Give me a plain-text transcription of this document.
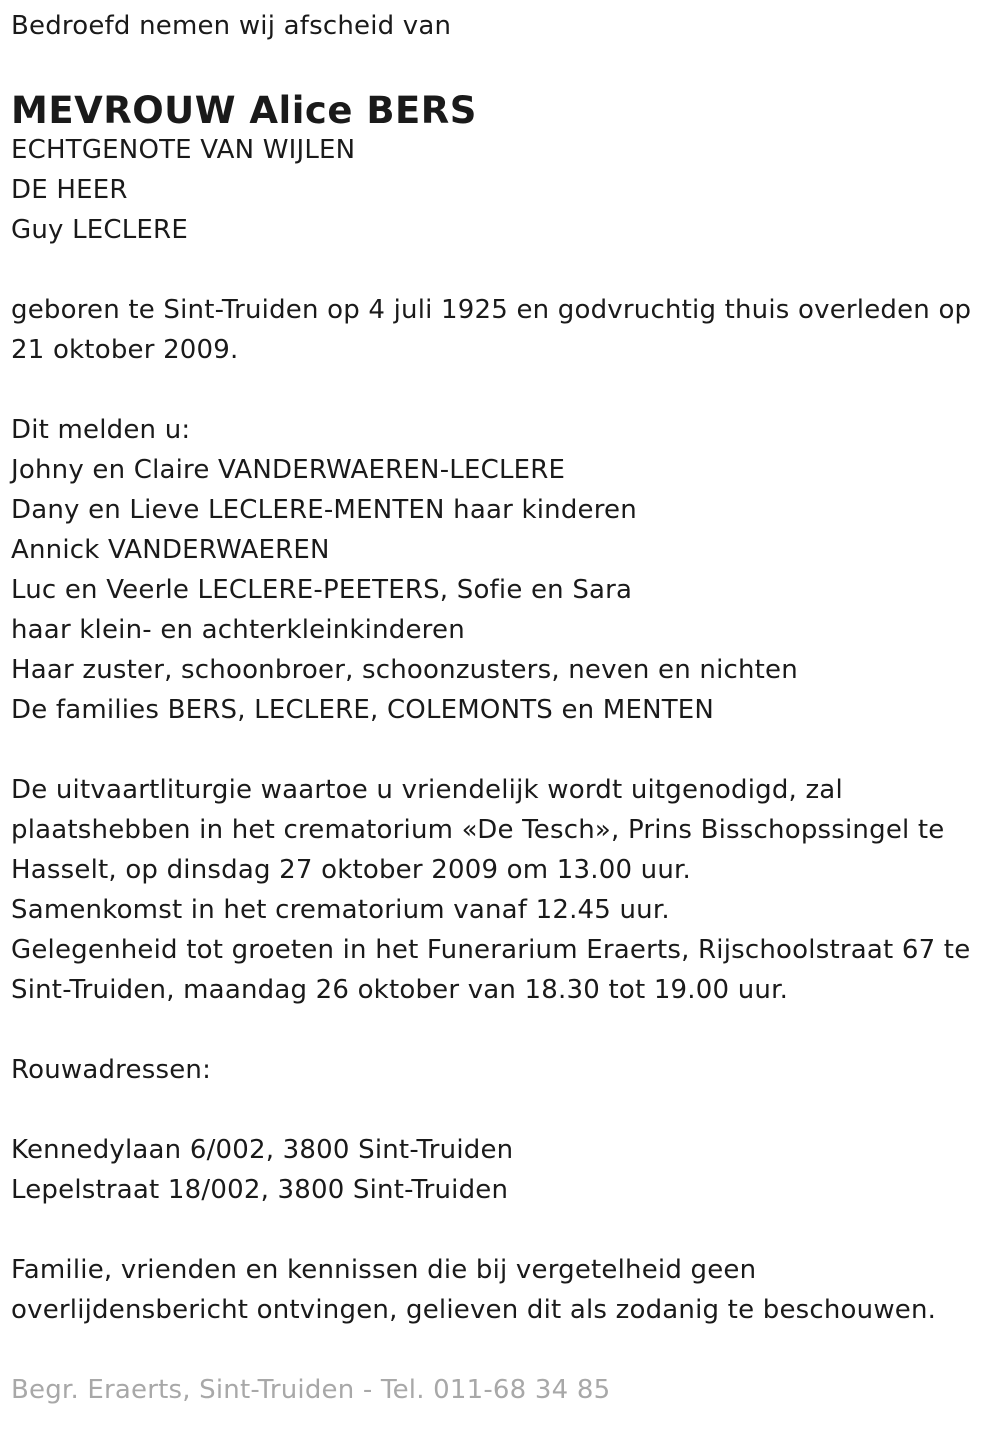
Bedroefd nemen wij afscheid van
MEVROUW Alice BERS
ECHTGENOTE VAN WIJLEN
DE HEER
Guy LECLERE
geboren te Sint-Truiden op 4 juli 1925 en godvruchtig thuis overleden op
21 oktober 2009.
Dit melden u:
Johny en Claire VANDERWAEREN-LECLERE
Dany en Lieve LECLERE-MENTEN haar kinderen
Annick VANDERWAEREN
Luc en Veerle LECLERE-PEETERS, Sofie en Sara
haar klein- en achterkleinkinderen
Haar zuster, schoonbroer, schoonzusters, neven en nichten
De families BERS, LECLERE, COLEMONTS en MENTEN
De uitvaartliturgie waartoe u vriendelijk wordt uitgenodigd, zal
plaatshebben in het crematorium «De Tesch», Prins Bisschopssingel te
Hasselt, op dinsdag 27 oktober 2009 om 13.00 uur.
Samenkomst in het crematorium vanaf 12.45 uur.
Gelegenheid tot groeten in het Funerarium Eraerts, Rijschoolstraat 67 te
Sint-Truiden, maandag 26 oktober van 18.30 tot 19.00 uur.
Rouwadressen:
Kennedylaan 6/002, 3800 Sint-Truiden
Lepelstraat 18/002, 3800 Sint-Truiden
Familie, vrienden en kennissen die bij vergetelheid geen
overlijdensbericht ontvingen, gelieven dit als zodanig te beschouwen.
Begr. Eraerts, Sint-Truiden - Tel. 011-68 34 85
